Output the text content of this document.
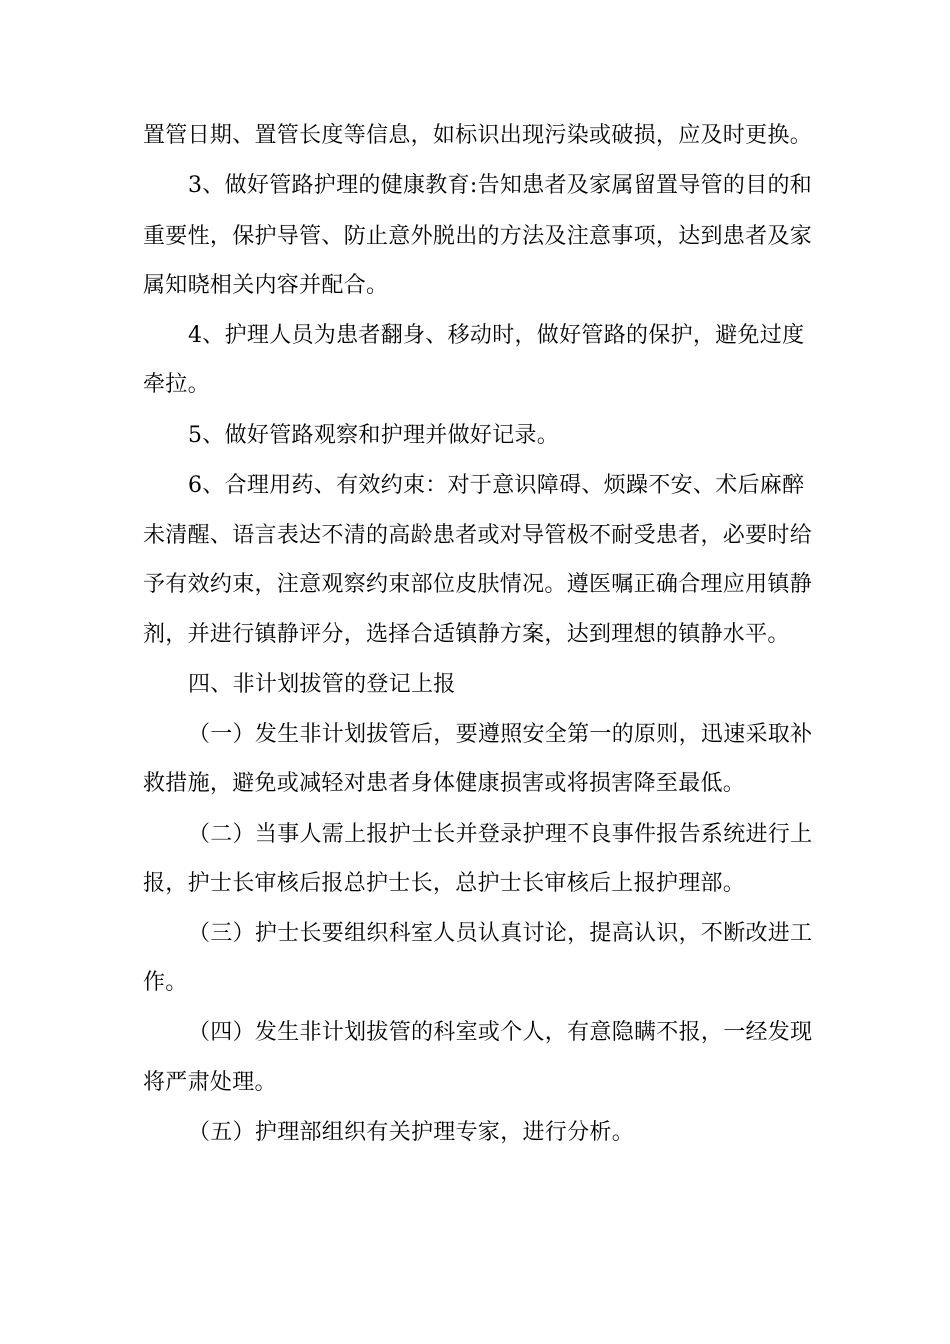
置管日期、置管长度等信息，如标识出现污染或破损，应及时更换。
3、做好管路护理的健康教育:告知患者及家属留置导管的目的和
重要性，保护导管、防止意外脱出的方法及注意事项，达到患者及家
属知晓相关内容并配合。
4、护理人员为患者翻身、移动时，做好管路的保护，避免过度
牵拉。
5、做好管路观察和护理并做好记录。
6、合理用药、有效约束：对于意识障碍、烦躁不安、术后麻醉
未清醒、语言表达不清的高龄患者或对导管极不耐受患者，必要时给
予有效约束，注意观察约束部位皮肤情况。遵医嘱正确合理应用镇静
剂，并进行镇静评分，选择合适镇静方案，达到理想的镇静水平。
四、非计划拔管的登记上报
（一）发生非计划拔管后，要遵照安全第一的原则，迅速采取补
救措施，避免或减轻对患者身体健康损害或将损害降至最低。
（二）当事人需上报护士长并登录护理不良事件报告系统进行上
报，护士长审核后报总护士长，总护士长审核后上报护理部。
（三）护士长要组织科室人员认真讨论，提高认识，不断改进工
作。
（四）发生非计划拔管的科室或个人，有意隐瞒不报，一经发现
将严肃处理。
（五）护理部组织有关护理专家，进行分析。
